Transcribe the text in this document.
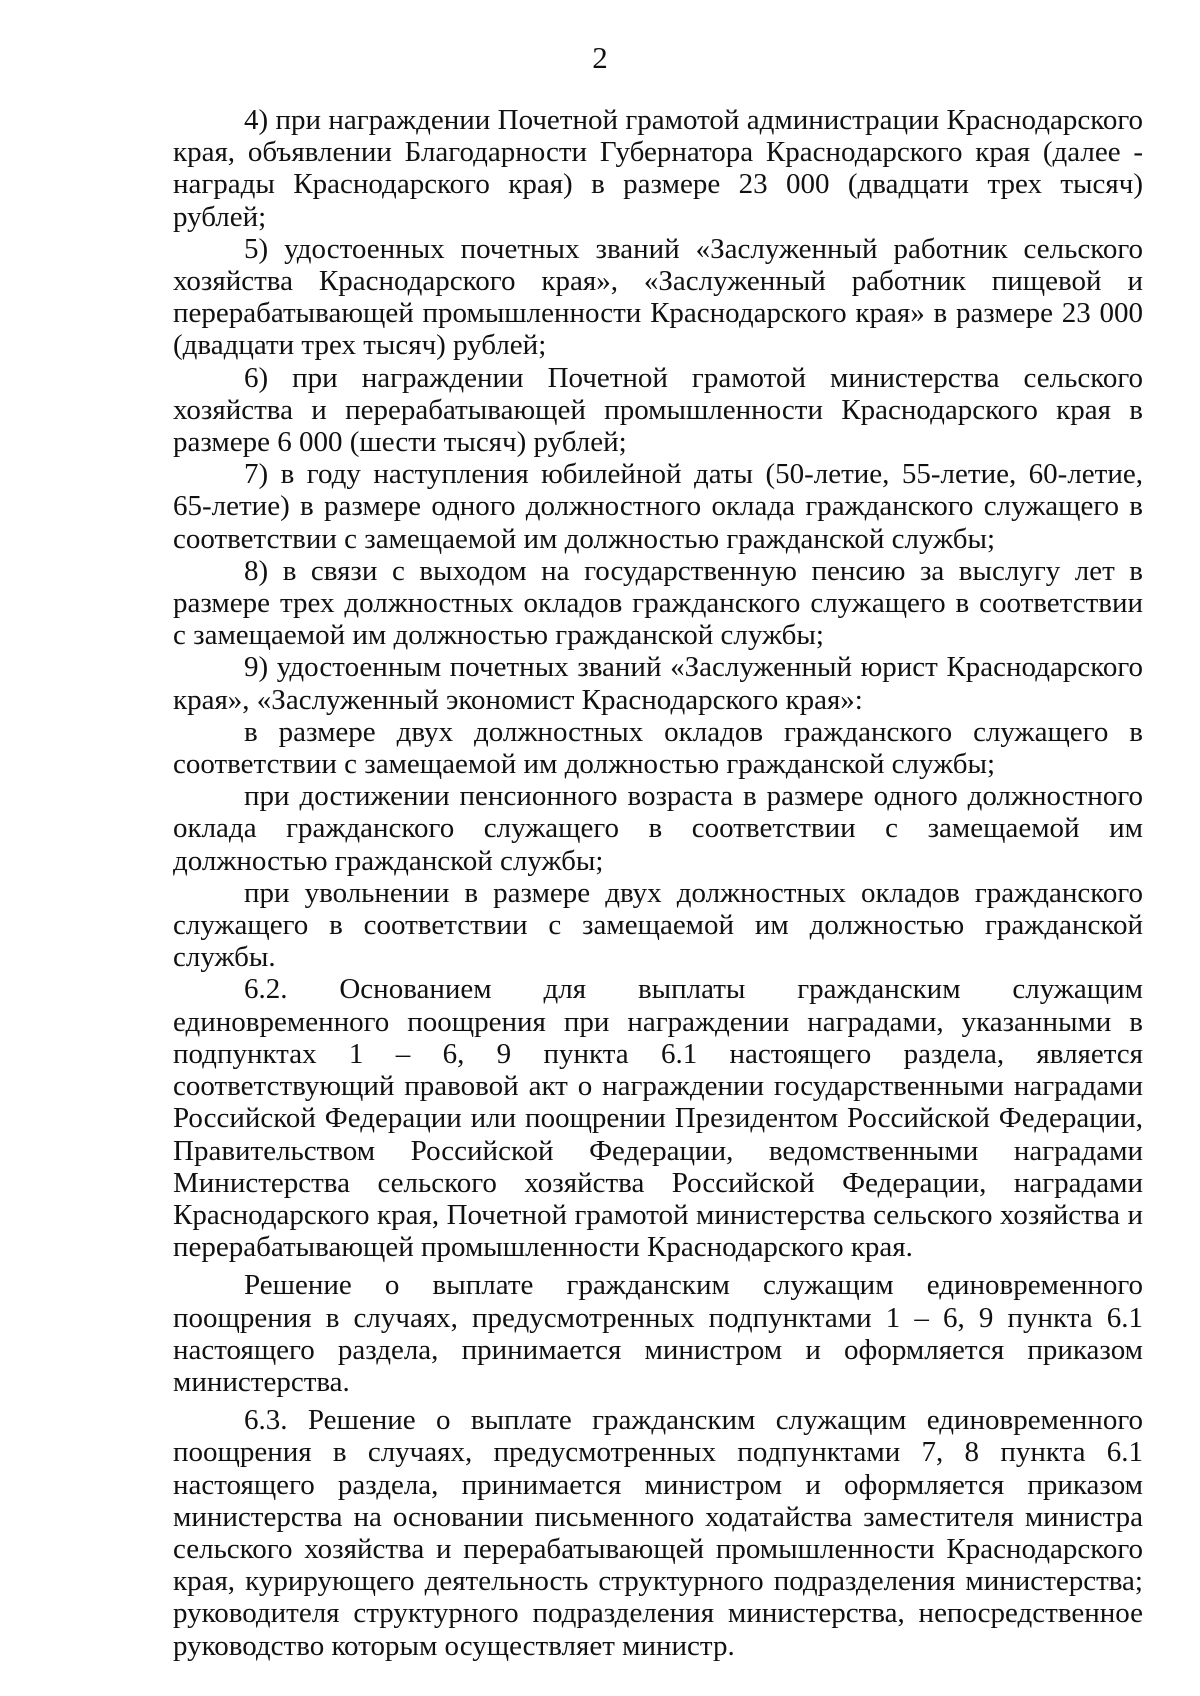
2

4) при награждении Почетной грамотой администрации Краснодарского края, объявлении Благодарности Губернатора Краснодарского края (далее - награды Краснодарского края) в размере 23 000 (двадцати трех тысяч) рублей;

5) удостоенных почетных званий «Заслуженный работник сельского хозяйства Краснодарского края», «Заслуженный работник пищевой и перерабатывающей промышленности Краснодарского края» в размере 23 000 (двадцати трех тысяч) рублей;

6) при награждении Почетной грамотой министерства сельского хозяйства и перерабатывающей промышленности Краснодарского края в размере 6 000 (шести тысяч) рублей;

7) в году наступления юбилейной даты (50-летие, 55-летие, 60-летие, 65-летие) в размере одного должностного оклада гражданского служащего в соответствии с замещаемой им должностью гражданской службы;

8) в связи с выходом на государственную пенсию за выслугу лет в размере трех должностных окладов гражданского служащего в соответствии с замещаемой им должностью гражданской службы;

9) удостоенным почетных званий «Заслуженный юрист Краснодарского края», «Заслуженный экономист Краснодарского края»:

в размере двух должностных окладов гражданского служащего в соответствии с замещаемой им должностью гражданской службы;

при достижении пенсионного возраста в размере одного должностного оклада гражданского служащего в соответствии с замещаемой им должностью гражданской службы;

при увольнении в размере двух должностных окладов гражданского служащего в соответствии с замещаемой им должностью гражданской службы.

6.2. Основанием для выплаты гражданским служащим единовременного поощрения при награждении наградами, указанными в подпунктах 1 – 6, 9 пункта 6.1 настоящего раздела, является соответствующий правовой акт о награждении государственными наградами Российской Федерации или поощрении Президентом Российской Федерации, Правительством Российской Федерации, ведомственными наградами Министерства сельского хозяйства Российской Федерации, наградами Краснодарского края, Почетной грамотой министерства сельского хозяйства и перерабатывающей промышленности Краснодарского края.

Решение о выплате гражданским служащим единовременного поощрения в случаях, предусмотренных подпунктами 1 – 6, 9 пункта 6.1 настоящего раздела, принимается министром и оформляется приказом министерства.

6.3. Решение о выплате гражданским служащим единовременного поощрения в случаях, предусмотренных подпунктами 7, 8 пункта 6.1 настоящего раздела, принимается министром и оформляется приказом министерства на основании письменного ходатайства заместителя министра сельского хозяйства и перерабатывающей промышленности Краснодарского края, курирующего деятельность структурного подразделения министерства; руководителя структурного подразделения министерства, непосредственное руководство которым осуществляет министр.
